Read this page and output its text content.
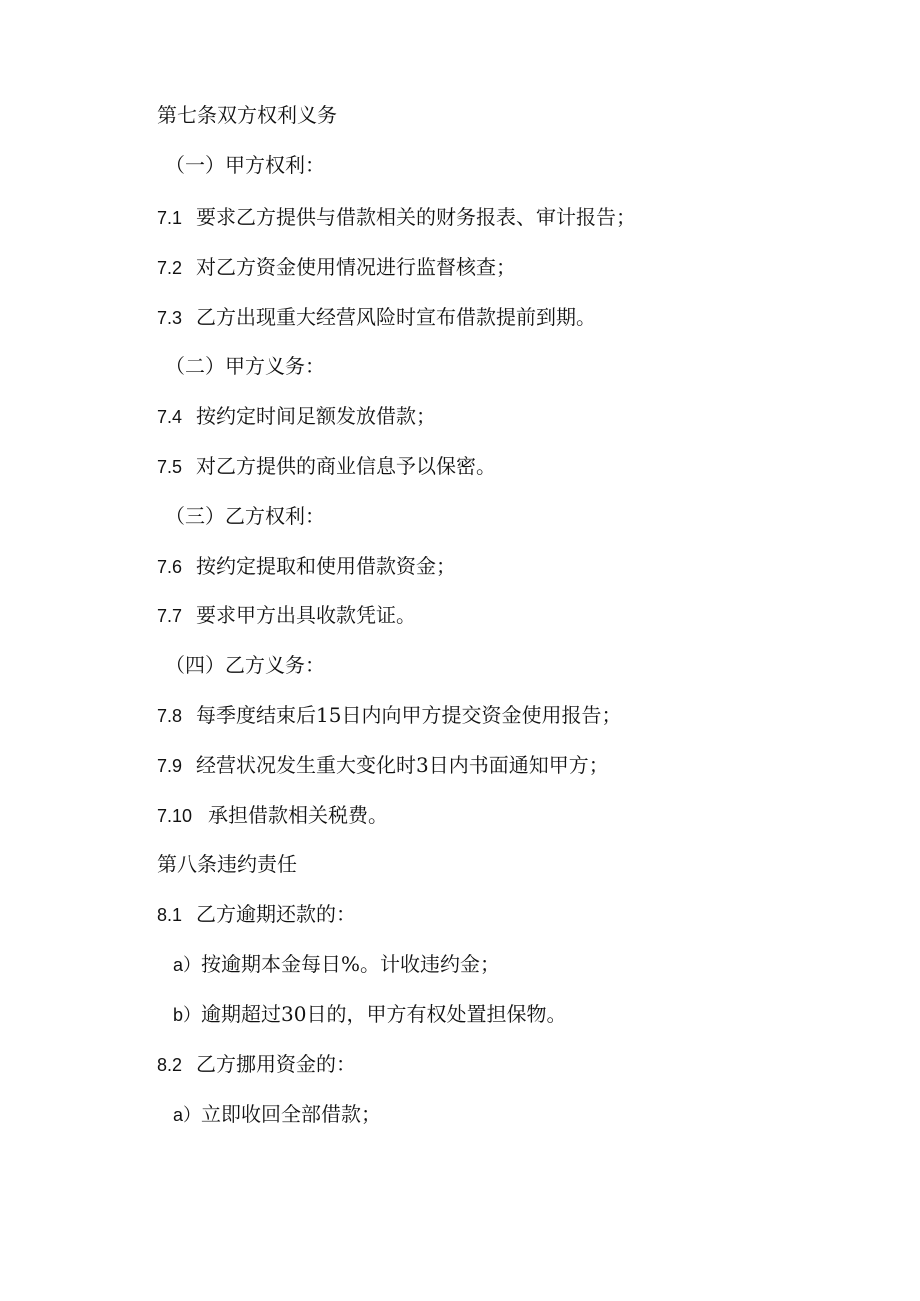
第七条双方权利义务
（一）甲方权利：
7.1 要求乙方提供与借款相关的财务报表、审计报告；
7.2 对乙方资金使用情况进行监督核查；
7.3 乙方出现重大经营风险时宣布借款提前到期。
（二）甲方义务：
7.4 按约定时间足额发放借款；
7.5 对乙方提供的商业信息予以保密。
（三）乙方权利：
7.6 按约定提取和使用借款资金；
7.7 要求甲方出具收款凭证。
（四）乙方义务：
7.8 每季度结束后15日内向甲方提交资金使用报告；
7.9 经营状况发生重大变化时3日内书面通知甲方；
7.10 承担借款相关税费。
第八条违约责任
8.1 乙方逾期还款的：
a）按逾期本金每日%。计收违约金；
b）逾期超过30日的，甲方有权处置担保物。
8.2 乙方挪用资金的：
a）立即收回全部借款；
